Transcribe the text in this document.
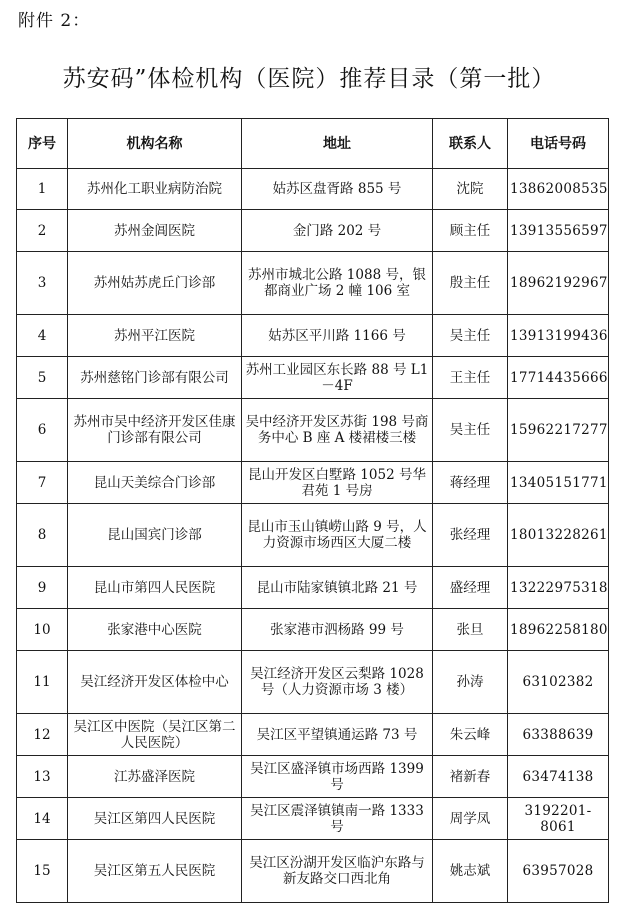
附件 2：
苏安码”体检机构（医院）推荐目录（第一批）
序号	机构名称	地址	联系人	电话号码
1	苏州化工职业病防治院	姑苏区盘胥路 855 号	沈院	13862008535
2	苏州金阊医院	金门路 202 号	顾主任	13913556597
3	苏州姑苏虎丘门诊部	苏州市城北公路 1088 号，银都商业广场 2 幢 106 室	殷主任	18962192967
4	苏州平江医院	姑苏区平川路 1166 号	吴主任	13913199436
5	苏州慈铭门诊部有限公司	苏州工业园区东长路 88 号 L1－4F	王主任	17714435666
6	苏州市吴中经济开发区佳康门诊部有限公司	吴中经济开发区苏街 198 号商务中心 B 座 A 楼裙楼三楼	吴主任	15962217277
7	昆山天美综合门诊部	昆山开发区白墅路 1052 号华君苑 1 号房	蒋经理	13405151771
8	昆山国宾门诊部	昆山市玉山镇崂山路 9 号，人力资源市场西区大厦二楼	张经理	18013228261
9	昆山市第四人民医院	昆山市陆家镇镇北路 21 号	盛经理	13222975318
10	张家港中心医院	张家港市泗杨路 99 号	张旦	18962258180
11	吴江经济开发区体检中心	吴江经济开发区云梨路 1028 号（人力资源市场 3 楼）	孙涛	63102382
12	吴江区中医院（吴江区第二人民医院）	吴江区平望镇通运路 73 号	朱云峰	63388639
13	江苏盛泽医院	吴江区盛泽镇市场西路 1399 号	褚新春	63474138
14	吴江区第四人民医院	吴江区震泽镇镇南一路 1333 号	周学凤	3192201-8061
15	吴江区第五人民医院	吴江区汾湖开发区临沪东路与新友路交口西北角	姚志斌	63957028
